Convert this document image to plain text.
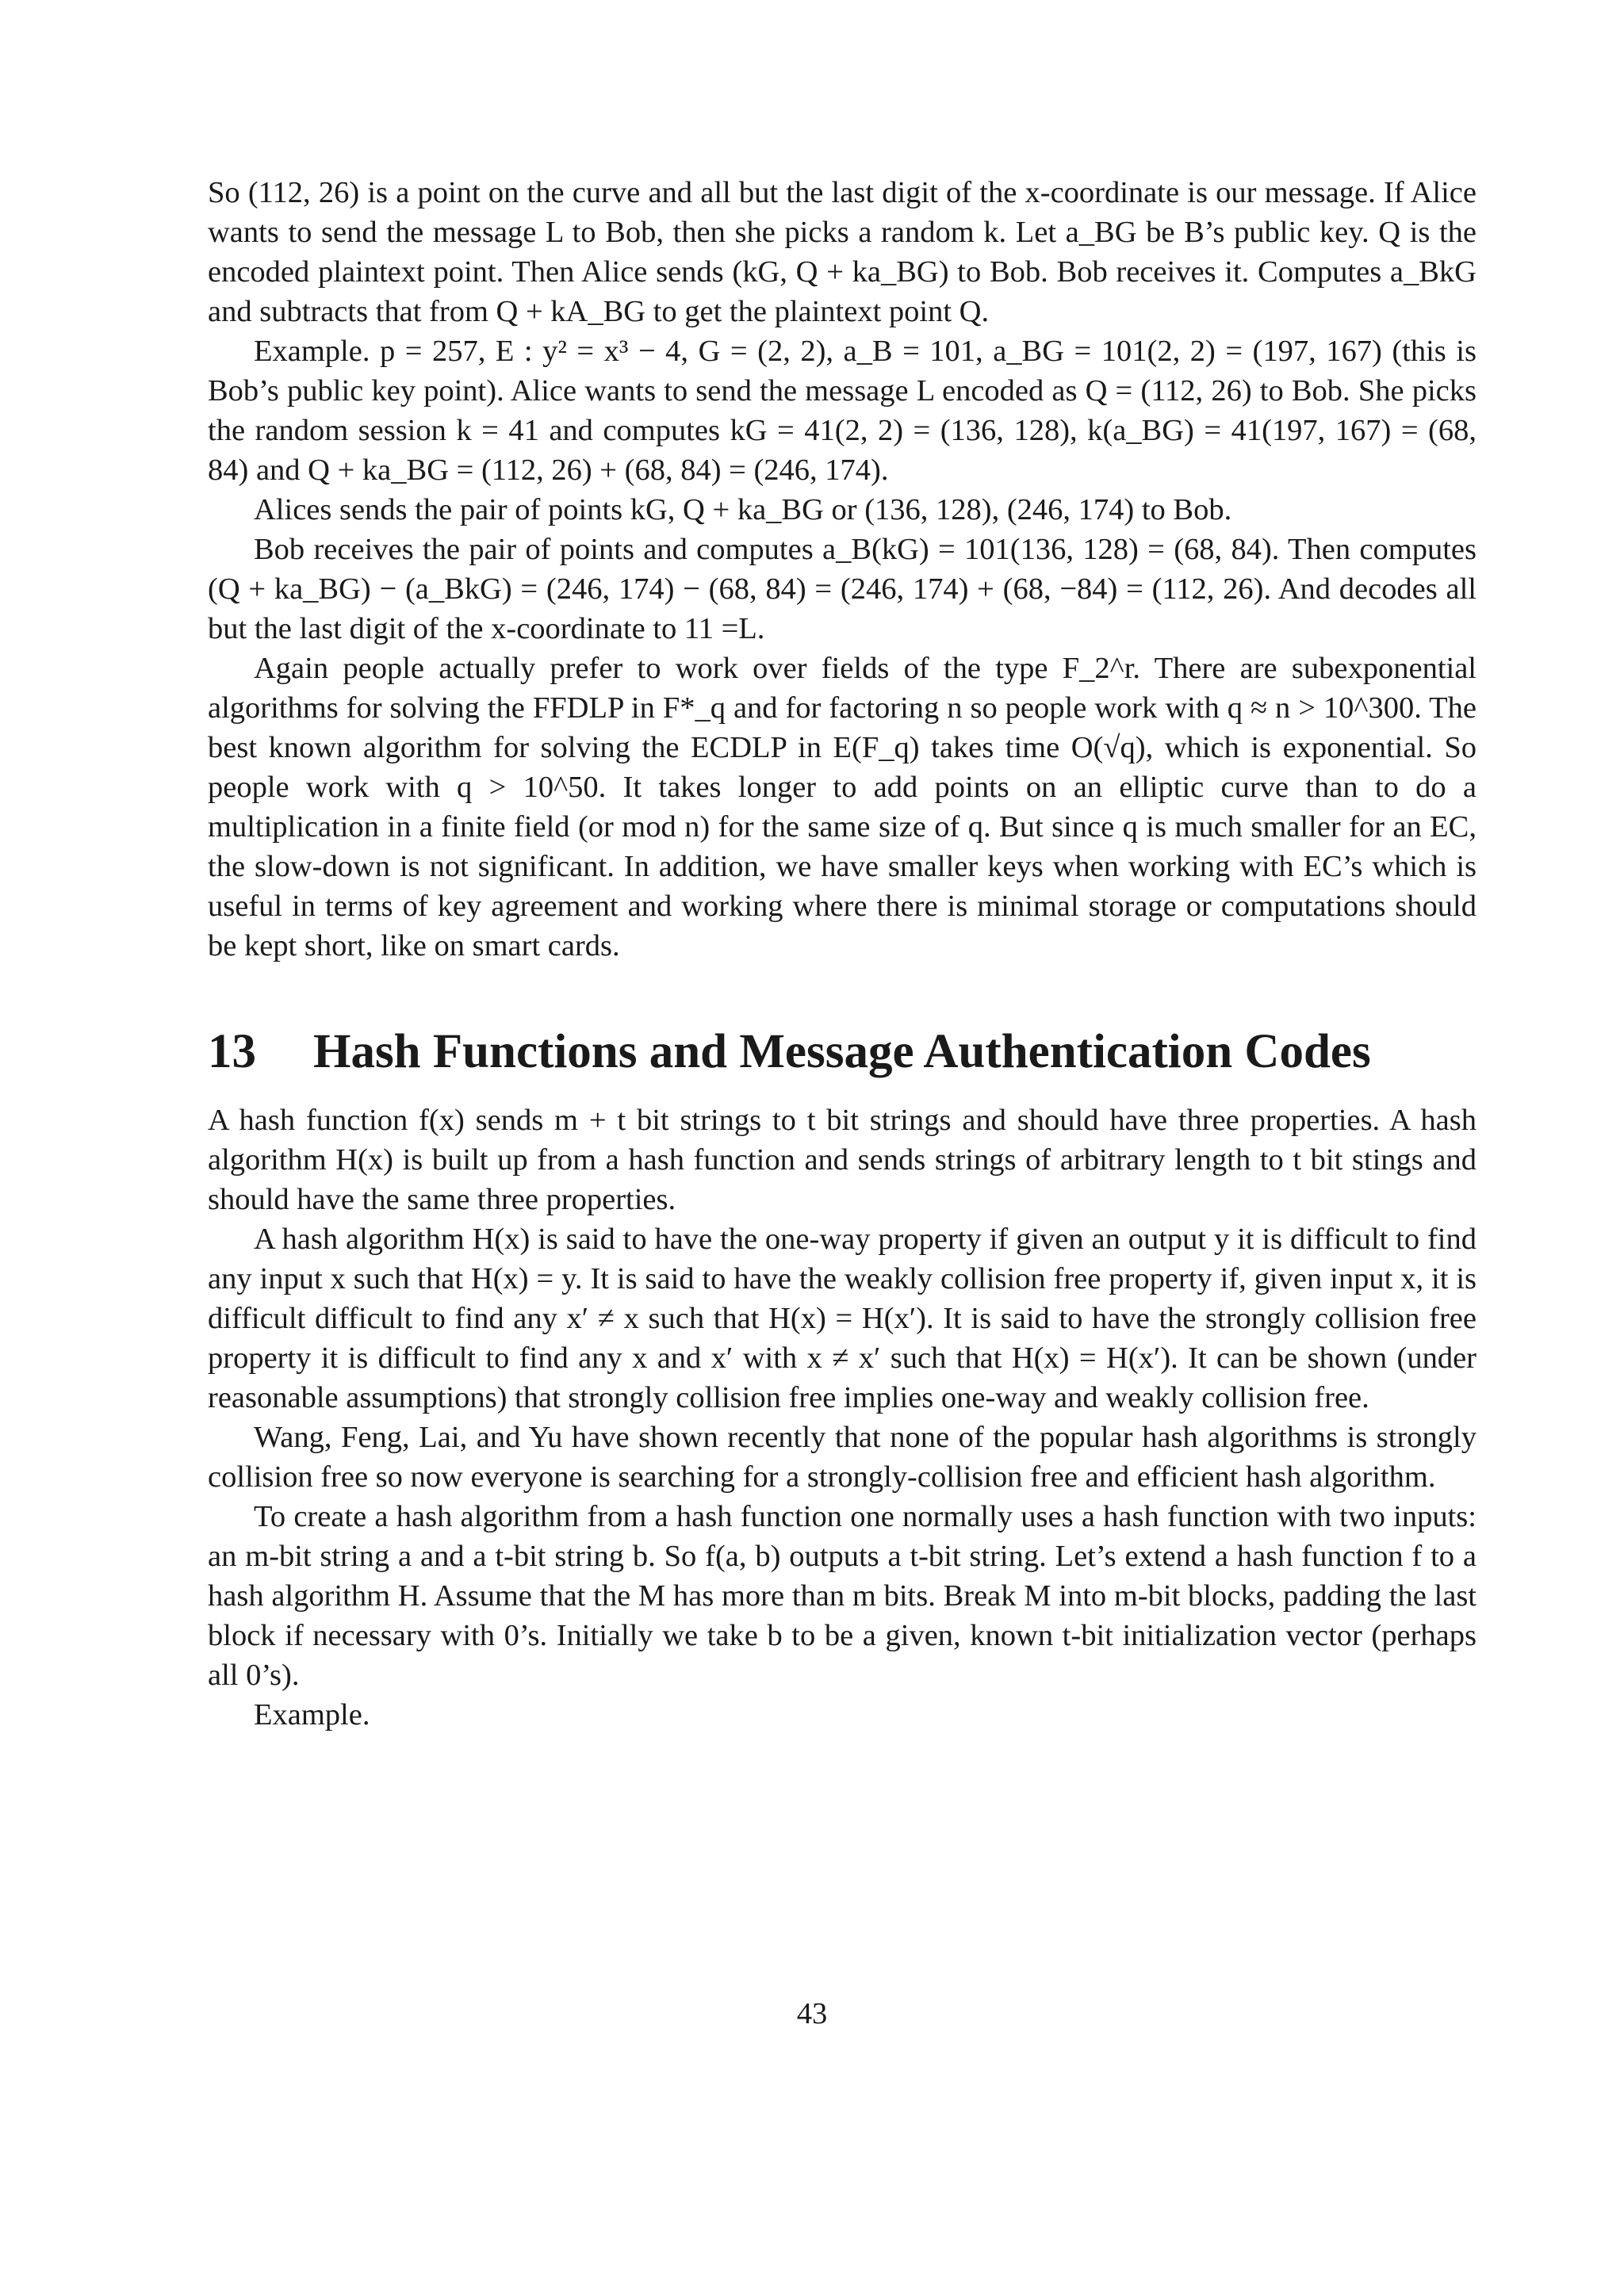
So (112, 26) is a point on the curve and all but the last digit of the x-coordinate is our message. If Alice wants to send the message L to Bob, then she picks a random k. Let a_BG be B’s public key. Q is the encoded plaintext point. Then Alice sends (kG, Q + ka_BG) to Bob. Bob receives it. Computes a_BkG and subtracts that from Q + kA_BG to get the plaintext point Q.

Example. p = 257, E : y² = x³ − 4, G = (2, 2), a_B = 101, a_BG = 101(2, 2) = (197, 167) (this is Bob’s public key point). Alice wants to send the message L encoded as Q = (112, 26) to Bob. She picks the random session k = 41 and computes kG = 41(2, 2) = (136, 128), k(a_BG) = 41(197, 167) = (68, 84) and Q + ka_BG = (112, 26) + (68, 84) = (246, 174).

Alices sends the pair of points kG, Q + ka_BG or (136, 128), (246, 174) to Bob.

Bob receives the pair of points and computes a_B(kG) = 101(136, 128) = (68, 84). Then computes (Q + ka_BG) − (a_BkG) = (246, 174) − (68, 84) = (246, 174) + (68, −84) = (112, 26). And decodes all but the last digit of the x-coordinate to 11 =L.

Again people actually prefer to work over fields of the type F_2^r. There are subexponential algorithms for solving the FFDLP in F*_q and for factoring n so people work with q ≈ n > 10^300. The best known algorithm for solving the ECDLP in E(F_q) takes time O(√q), which is exponential. So people work with q > 10^50. It takes longer to add points on an elliptic curve than to do a multiplication in a finite field (or mod n) for the same size of q. But since q is much smaller for an EC, the slow-down is not significant. In addition, we have smaller keys when working with EC’s which is useful in terms of key agreement and working where there is minimal storage or computations should be kept short, like on smart cards.

13 Hash Functions and Message Authentication Codes

A hash function f(x) sends m + t bit strings to t bit strings and should have three properties. A hash algorithm H(x) is built up from a hash function and sends strings of arbitrary length to t bit stings and should have the same three properties.

A hash algorithm H(x) is said to have the one-way property if given an output y it is difficult to find any input x such that H(x) = y. It is said to have the weakly collision free property if, given input x, it is difficult difficult to find any x′ ≠ x such that H(x) = H(x′). It is said to have the strongly collision free property it is difficult to find any x and x′ with x ≠ x′ such that H(x) = H(x′). It can be shown (under reasonable assumptions) that strongly collision free implies one-way and weakly collision free.

Wang, Feng, Lai, and Yu have shown recently that none of the popular hash algorithms is strongly collision free so now everyone is searching for a strongly-collision free and efficient hash algorithm.

To create a hash algorithm from a hash function one normally uses a hash function with two inputs: an m-bit string a and a t-bit string b. So f(a, b) outputs a t-bit string. Let’s extend a hash function f to a hash algorithm H. Assume that the M has more than m bits. Break M into m-bit blocks, padding the last block if necessary with 0’s. Initially we take b to be a given, known t-bit initialization vector (perhaps all 0’s).

Example.

43
